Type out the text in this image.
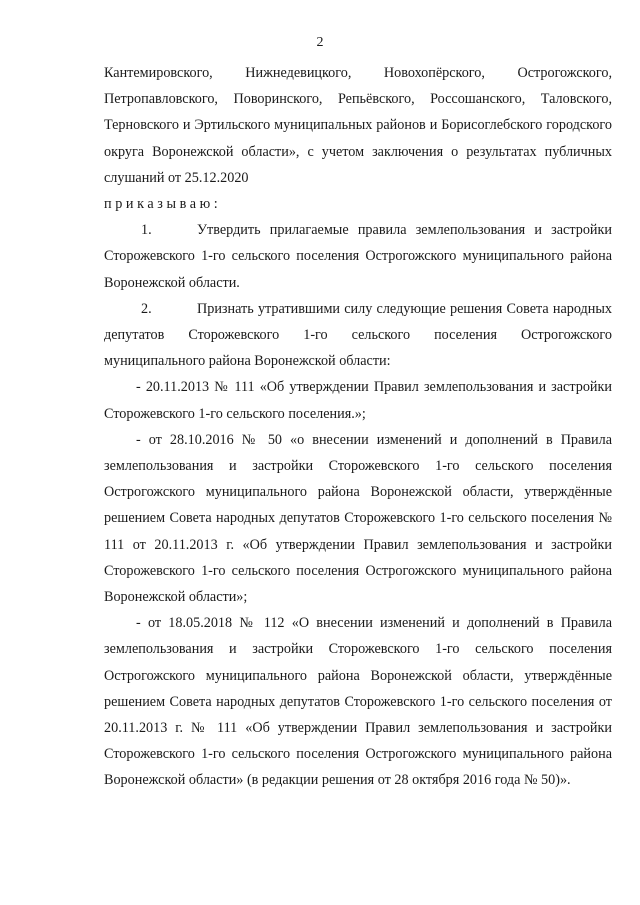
2

Кантемировского, Нижнедевицкого, Новохопёрского, Острогожского, Петропавловского, Поворинского, Репьёвского, Россошанского, Таловского, Терновского и Эртильского муниципальных районов и Борисоглебского городского округа Воронежской области», с учетом заключения о результатах публичных слушаний от 25.12.2020

приказываю:

1.	Утвердить прилагаемые правила землепользования и застройки Сторожевского 1-го сельского поселения Острогожского муниципального района Воронежской области.

2.	Признать утратившими силу следующие решения Совета народных депутатов Сторожевского 1-го сельского поселения Острогожского муниципального района Воронежской области:

- 20.11.2013 № 111 «Об утверждении Правил землепользования и застройки Сторожевского 1-го сельского поселения.»;

- от 28.10.2016 № 50 «о внесении изменений и дополнений в Правила землепользования и застройки Сторожевского 1-го сельского поселения Острогожского муниципального района Воронежской области, утверждённые решением Совета народных депутатов Сторожевского 1-го сельского поселения № 111 от 20.11.2013 г. «Об утверждении Правил землепользования и застройки Сторожевского 1-го сельского поселения Острогожского муниципального района Воронежской области»;

- от 18.05.2018 № 112 «О внесении изменений и дополнений в Правила землепользования и застройки Сторожевского 1-го сельского поселения Острогожского муниципального района Воронежской области, утверждённые решением Совета народных депутатов Сторожевского 1-го сельского поселения от 20.11.2013 г. № 111 «Об утверждении Правил землепользования и застройки Сторожевского 1-го сельского поселения Острогожского муниципального района Воронежской области» (в редакции решения от 28 октября 2016 года № 50)».
